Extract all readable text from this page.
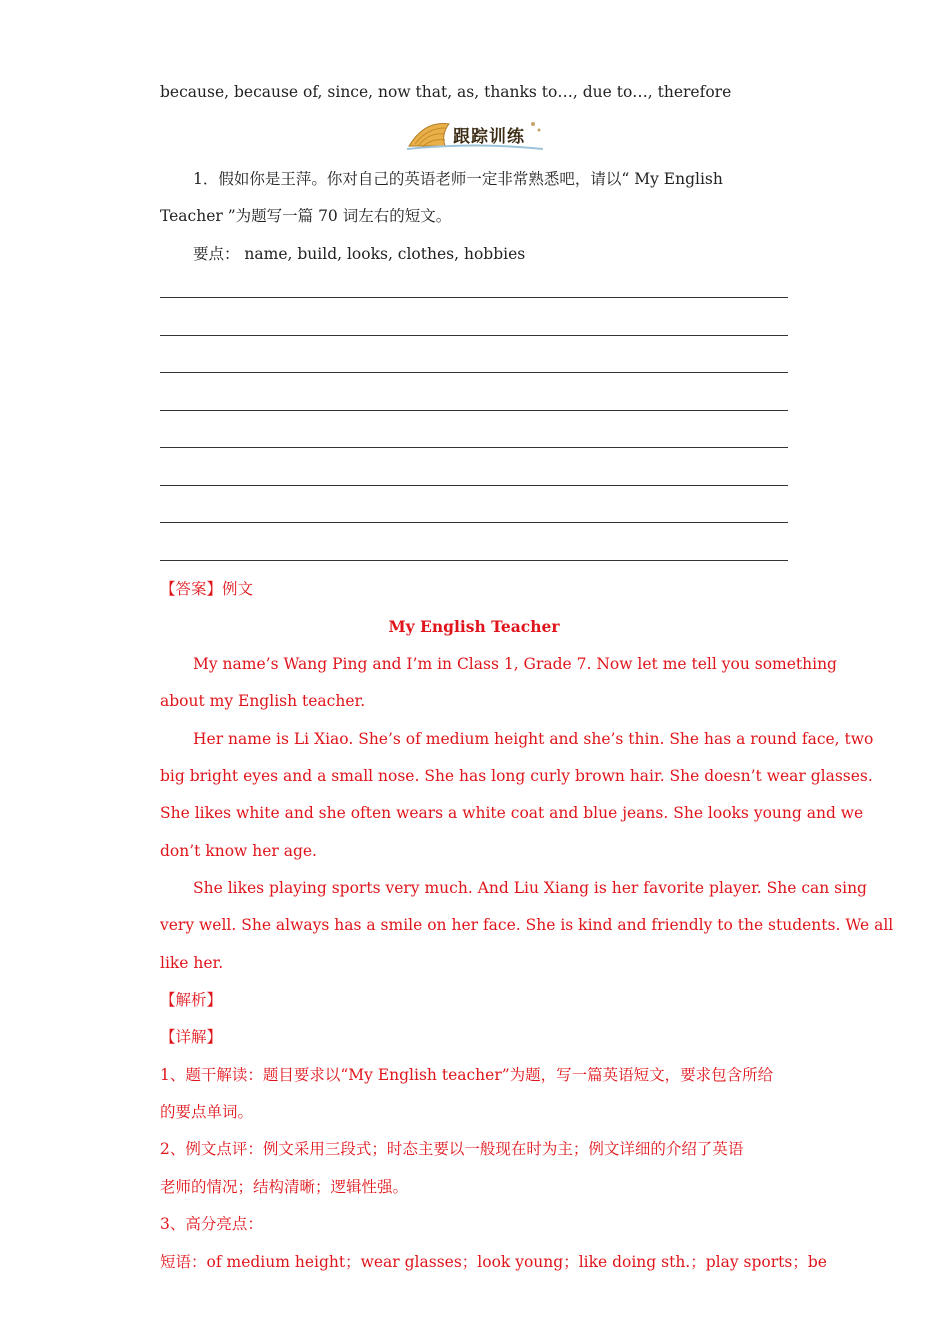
because, because of, since, now that, as, thanks to…, due to…, therefore
跟踪训练
1．假如你是王萍。你对自己的英语老师一定非常熟悉吧，请以“ My English
Teacher ”为题写一篇 70 词左右的短文。
要点： name, build, looks, clothes, hobbies
【答案】例文
My English Teacher
My name’s Wang Ping and I’m in Class 1, Grade 7. Now let me tell you something
about my English teacher.
Her name is Li Xiao. She’s of medium height and she’s thin. She has a round face, two
big bright eyes and a small nose. She has long curly brown hair. She doesn’t wear glasses.
She likes white and she often wears a white coat and blue jeans. She looks young and we
don’t know her age.
She likes playing sports very much. And Liu Xiang is her favorite player. She can sing
very well. She always has a smile on her face. She is kind and friendly to the students. We all
like her.
【解析】
【详解】
1、题干解读：题目要求以“My English teacher”为题，写一篇英语短文，要求包含所给
的要点单词。
2、例文点评：例文采用三段式；时态主要以一般现在时为主；例文详细的介绍了英语
老师的情况；结构清晰；逻辑性强。
3、高分亮点：
短语：of medium height；wear glasses；look young；like doing sth.；play sports；be
